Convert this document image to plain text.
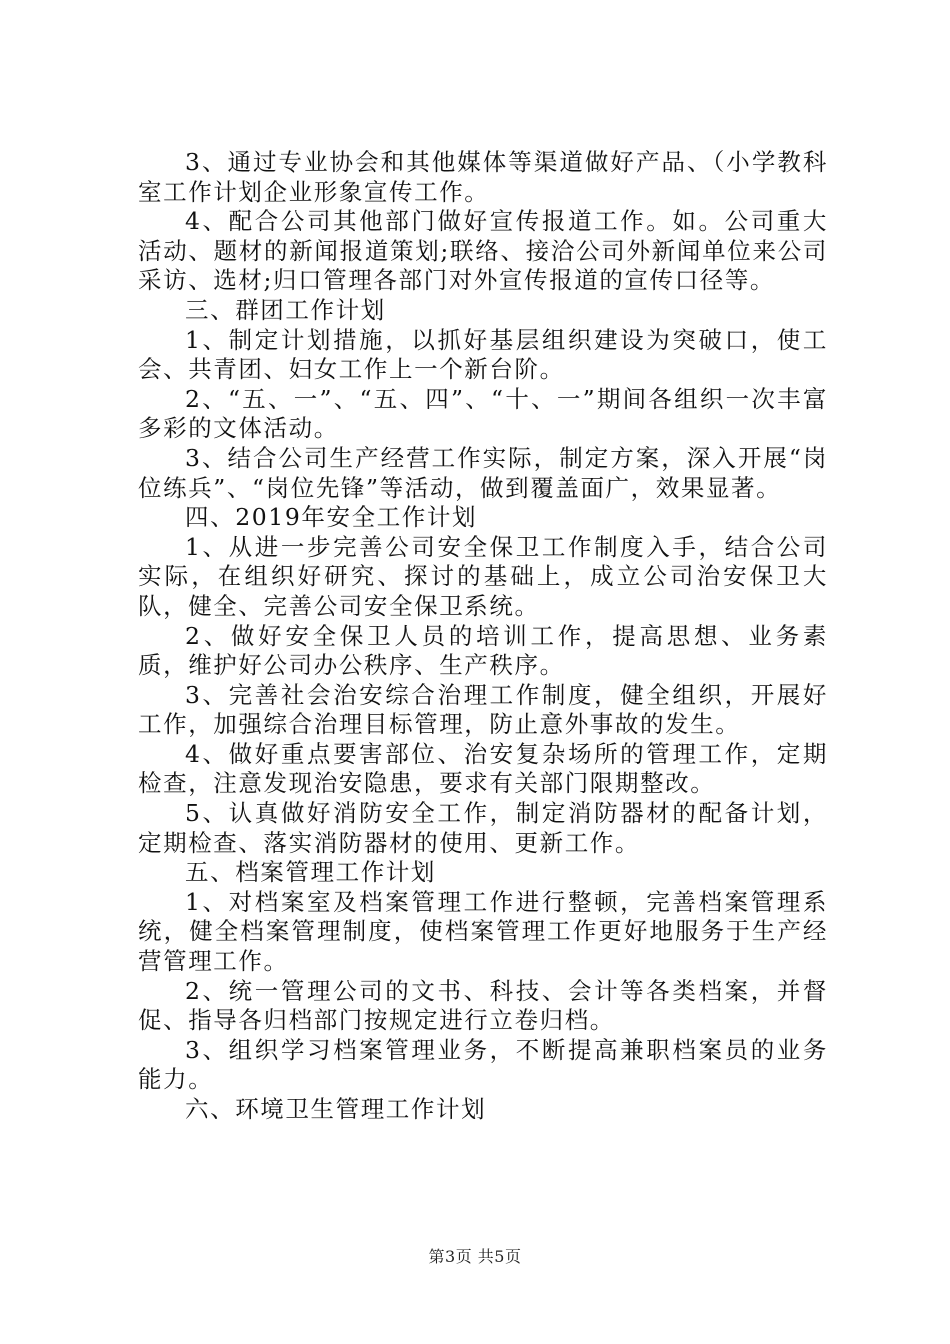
3、通过专业协会和其他媒体等渠道做好产品、（小学教科室工作计划企业形象宣传工作。

4、配合公司其他部门做好宣传报道工作。如。公司重大活动、题材的新闻报道策划;联络、接洽公司外新闻单位来公司采访、选材;归口管理各部门对外宣传报道的宣传口径等。

三、群团工作计划

1、制定计划措施，以抓好基层组织建设为突破口，使工会、共青团、妇女工作上一个新台阶。

2、“五、一”、“五、四”、“十、一”期间各组织一次丰富多彩的文体活动。

3、结合公司生产经营工作实际，制定方案，深入开展“岗位练兵”、“岗位先锋”等活动，做到覆盖面广，效果显著。

四、2019年安全工作计划

1、从进一步完善公司安全保卫工作制度入手，结合公司实际，在组织好研究、探讨的基础上，成立公司治安保卫大队，健全、完善公司安全保卫系统。

2、做好安全保卫人员的培训工作，提高思想、业务素质，维护好公司办公秩序、生产秩序。

3、完善社会治安综合治理工作制度，健全组织，开展好工作，加强综合治理目标管理，防止意外事故的发生。

4、做好重点要害部位、治安复杂场所的管理工作，定期检查，注意发现治安隐患，要求有关部门限期整改。

5、认真做好消防安全工作，制定消防器材的配备计划，定期检查、落实消防器材的使用、更新工作。

五、档案管理工作计划

1、对档案室及档案管理工作进行整顿，完善档案管理系统，健全档案管理制度，使档案管理工作更好地服务于生产经营管理工作。

2、统一管理公司的文书、科技、会计等各类档案，并督促、指导各归档部门按规定进行立卷归档。

3、组织学习档案管理业务，不断提高兼职档案员的业务能力。

六、环境卫生管理工作计划

第3页 共5页
